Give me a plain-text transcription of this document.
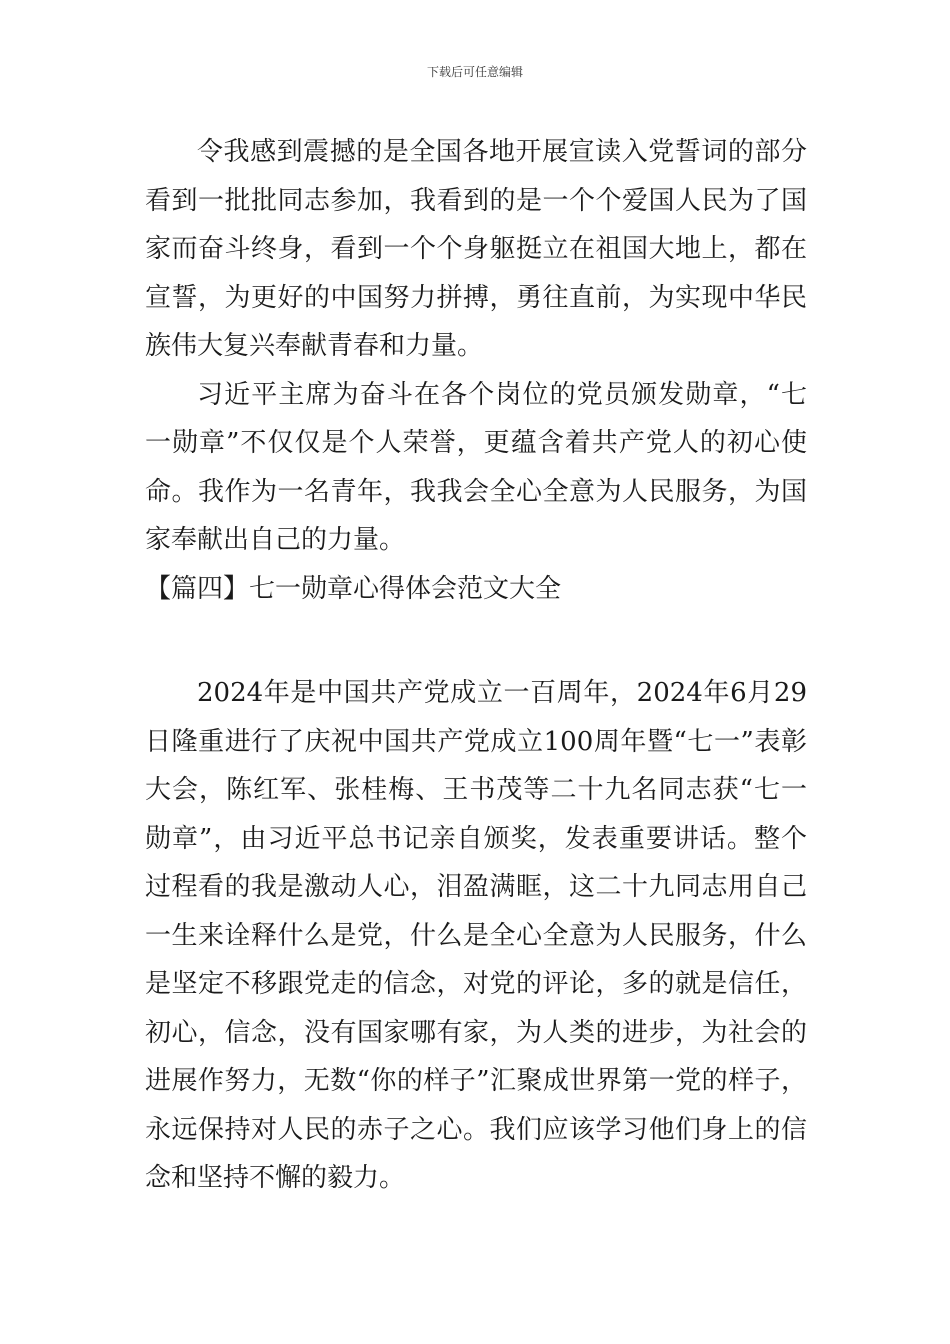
下载后可任意编辑

令我感到震撼的是全国各地开展宣读入党誓词的部分看到一批批同志参加，我看到的是一个个爱国人民为了国家而奋斗终身，看到一个个身躯挺立在祖国大地上，都在宣誓，为更好的中国努力拼搏，勇往直前，为实现中华民族伟大复兴奉献青春和力量。

习近平主席为奋斗在各个岗位的党员颁发勋章，“七一勋章”不仅仅是个人荣誉，更蕴含着共产党人的初心使命。我作为一名青年，我我会全心全意为人民服务，为国家奉献出自己的力量。

【篇四】七一勋章心得体会范文大全

2024年是中国共产党成立一百周年，2024年6月29日隆重进行了庆祝中国共产党成立100周年暨“七一”表彰大会，陈红军、张桂梅、王书茂等二十九名同志获“七一勋章”，由习近平总书记亲自颁奖，发表重要讲话。整个过程看的我是激动人心，泪盈满眶，这二十九同志用自己一生来诠释什么是党，什么是全心全意为人民服务，什么是坚定不移跟党走的信念，对党的评论，多的就是信任，初心，信念，没有国家哪有家，为人类的进步，为社会的进展作努力，无数“你的样子”汇聚成世界第一党的样子，永远保持对人民的赤子之心。我们应该学习他们身上的信念和坚持不懈的毅力。
